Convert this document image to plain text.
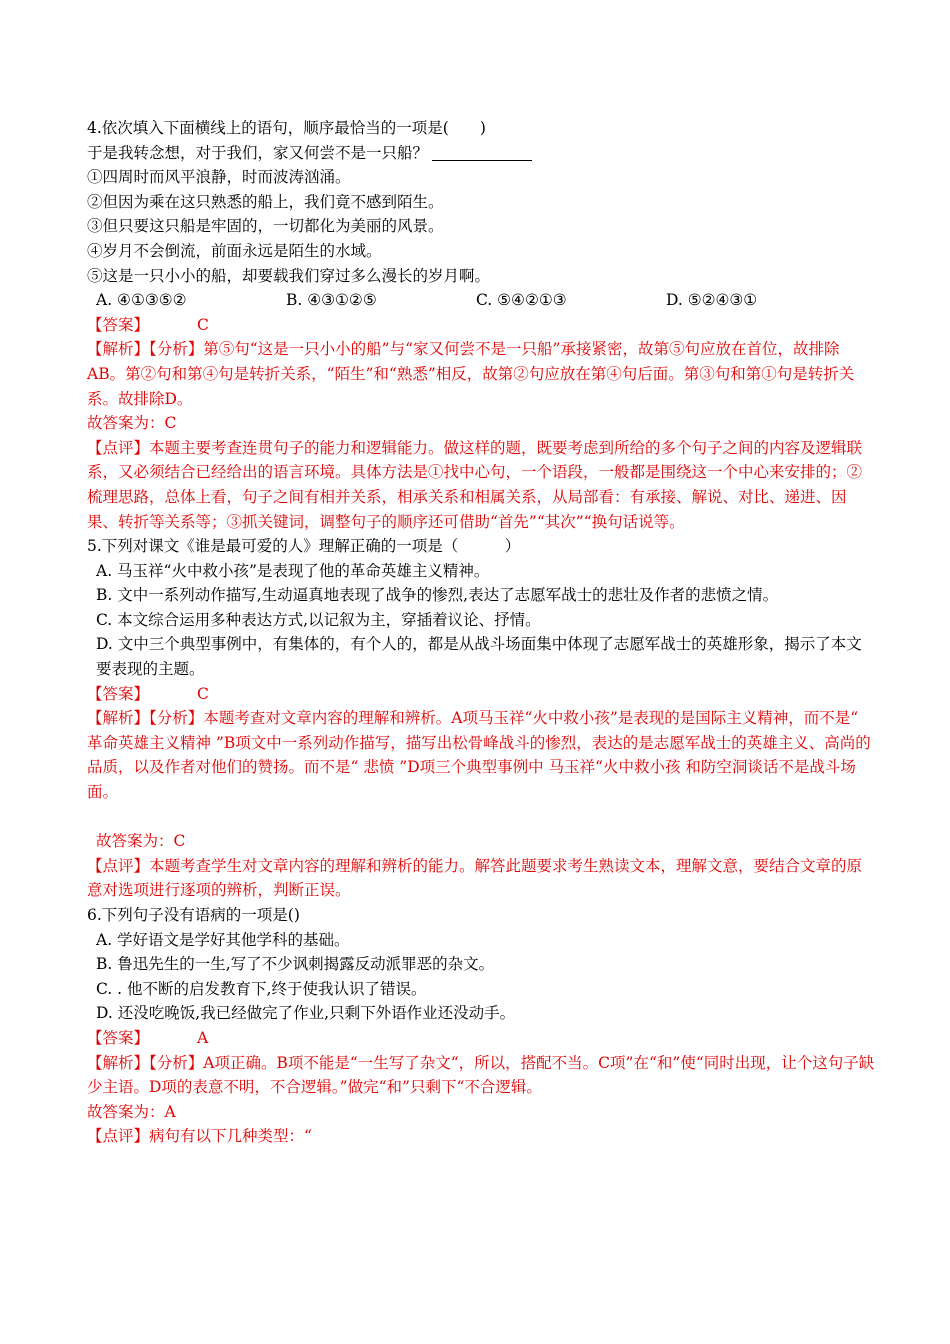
4.依次填入下面横线上的语句，顺序最恰当的一项是(　　)
于是我转念想，对于我们，家又何尝不是一只船？
①四周时而风平浪静，时而波涛汹涌。
②但因为乘在这只熟悉的船上，我们竟不感到陌生。
③但只要这只船是牢固的，一切都化为美丽的风景。
④岁月不会倒流，前面永远是陌生的水域。
⑤这是一只小小的船，却要载我们穿过多么漫长的岁月啊。
A. ④①③⑤②	B. ④③①②⑤	C. ⑤④②①③	D. ⑤②④③①
【答案】	C
【解析】【分析】第⑤句“这是一只小小的船”与“家又何尝不是一只船”承接紧密，故第⑤句应放在首位，故排除AB。第②句和第④句是转折关系，“陌生”和“熟悉”相反，故第②句应放在第④句后面。第③句和第①句是转折关系。故排除D。
故答案为：C
【点评】本题主要考查连贯句子的能力和逻辑能力。做这样的题，既要考虑到所给的多个句子之间的内容及逻辑联系，又必须结合已经给出的语言环境。具体方法是①找中心句，一个语段，一般都是围绕这一个中心来安排的；②梳理思路，总体上看，句子之间有相并关系，相承关系和相属关系，从局部看：有承接、解说、对比、递进、因果、转折等关系等；③抓关键词，调整句子的顺序还可借助“首先”“其次”“换句话说等。
5.下列对课文《谁是最可爱的人》理解正确的一项是（　　　）
A. 马玉祥“火中救小孩”是表现了他的革命英雄主义精神。
B. 文中一系列动作描写,生动逼真地表现了战争的惨烈,表达了志愿军战士的悲壮及作者的悲愤之情。
C. 本文综合运用多种表达方式,以记叙为主，穿插着议论、抒情。
D. 文中三个典型事例中，有集体的，有个人的，都是从战斗场面集中体现了志愿军战士的英雄形象，揭示了本文要表现的主题。
【答案】	C
【解析】【分析】本题考查对文章内容的理解和辨析。A项马玉祥“火中救小孩”是表现的是国际主义精神，而不是“ 革命英雄主义精神 ”B项文中一系列动作描写，描写出松骨峰战斗的惨烈，表达的是志愿军战士的英雄主义、高尚的品质，以及作者对他们的赞扬。而不是“ 悲愤 ”D项三个典型事例中 马玉祥“火中救小孩 和防空洞谈话不是战斗场面。
故答案为：C
【点评】本题考查学生对文章内容的理解和辨析的能力。解答此题要求考生熟读文本，理解文意，要结合文章的原意对选项进行逐项的辨析，判断正误。
6.下列句子没有语病的一项是()
A. 学好语文是学好其他学科的基础。
B. 鲁迅先生的一生,写了不少讽刺揭露反动派罪恶的杂文。
C. . 他不断的启发教育下,终于使我认识了错误。
D. 还没吃晚饭,我已经做完了作业,只剩下外语作业还没动手。
【答案】	A
【解析】【分析】A项正确。B项不能是“一生写了杂文“，所以，搭配不当。C项”在“和”使“同时出现，让个这句子缺少主语。D项的表意不明，不合逻辑。”做完“和”只剩下“不合逻辑。
故答案为：A
【点评】病句有以下几种类型：“
